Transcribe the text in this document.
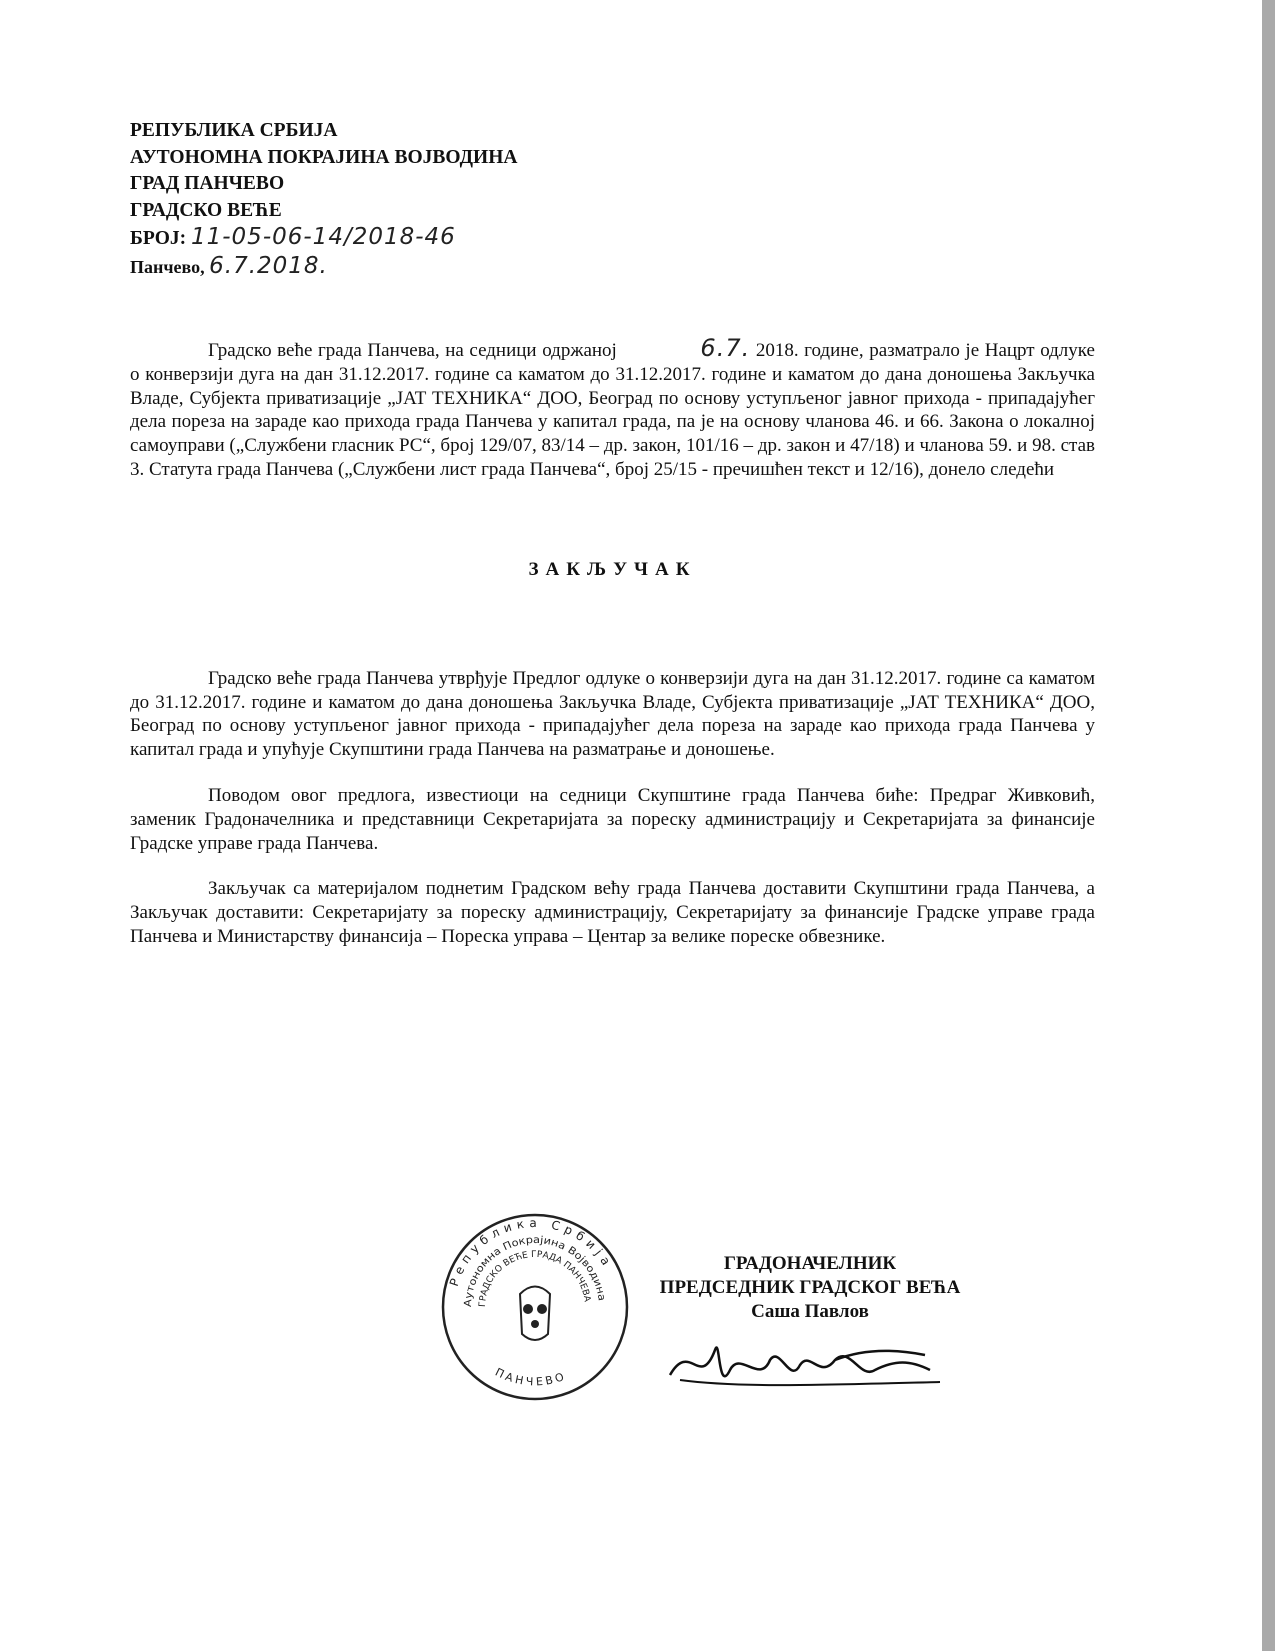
РЕПУБЛИКА СРБИЈА
АУТОНОМНА ПОКРАЈИНА ВОЈВОДИНА
ГРАД ПАНЧЕВО
ГРАДСКО ВЕЋЕ
БРОЈ: 11-05-06-14/2018-46
Панчево, 6.7.2018.

Градско веће града Панчева, на седници одржаној	6.7. 2018. године, разматрало је Нацрт одлуке о конверзији дуга на дан 31.12.2017. године са каматом до 31.12.2017. године и каматом до дана доношења Закључка Владе, Субјекта приватизације „JAT ТЕХНИКА“ ДОО, Београд по основу уступљеног јавног прихода - припадајућег дела пореза на зараде као прихода града Панчева у капитал града, па је на основу чланова 46. и 66. Закона о локалној самоуправи („Службени гласник РС“, број 129/07, 83/14 – др. закон, 101/16 – др. закон и 47/18) и чланова 59. и 98. став 3. Статута града Панчева („Службени лист града Панчева“, број 25/15 - пречишћен текст и 12/16), донело следећи

ЗАКЉУЧАК

Градско веће града Панчева утврђује Предлог одлуке о конверзији дуга на дан 31.12.2017. године са каматом до 31.12.2017. године и каматом до дана доношења Закључка Владе, Субјекта приватизације „JAT ТЕХНИКА“ ДОО, Београд по основу уступљеног јавног прихода - припадајућег дела пореза на зараде као прихода града Панчева у капитал града и упућује Скупштини града Панчева на разматрање и доношење.

Поводом овог предлога, известиоци на седници Скупштине града Панчева биће: Предраг Живковић, заменик Градоначелника и представници Секретаријата за пореску администрацију и Секретаријата за финансије Градске управе града Панчева.

Закључак са материјалом поднетим Градском већу града Панчева доставити Скупштини града Панчева, а Закључак доставити: Секретаријату за пореску администрацију, Секретаријату за финансије Градске управе града Панчева и Министарству финансија – Пореска управа – Центар за велике пореске обвезнике.

Република Србија
Аутономна Покрајина Војводина
ГРАДСКО ВЕЋЕ ГРАДА ПАНЧЕВА
ПАНЧЕВО
ГРАДОНАЧЕЛНИК
ПРЕДСЕДНИК ГРАДСКОГ ВЕЋА
Саша Павлов
